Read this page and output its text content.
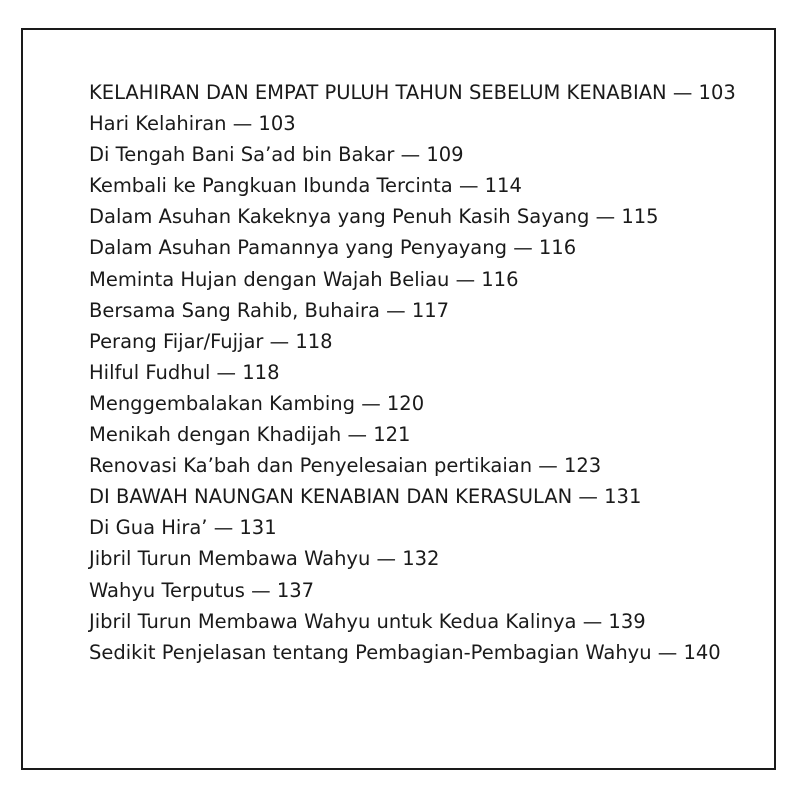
KELAHIRAN DAN EMPAT PULUH TAHUN SEBELUM KENABIAN — 103
Hari Kelahiran — 103
Di Tengah Bani Sa’ad bin Bakar — 109
Kembali ke Pangkuan Ibunda Tercinta — 114
Dalam Asuhan Kakeknya yang Penuh Kasih Sayang — 115
Dalam Asuhan Pamannya yang Penyayang — 116
Meminta Hujan dengan Wajah Beliau — 116
Bersama Sang Rahib, Buhaira — 117
Perang Fijar/Fujjar — 118
Hilful Fudhul — 118
Menggembalakan Kambing — 120
Menikah dengan Khadijah — 121
Renovasi Ka’bah dan Penyelesaian pertikaian — 123
DI BAWAH NAUNGAN KENABIAN DAN KERASULAN — 131
Di Gua Hira’ — 131
Jibril Turun Membawa Wahyu — 132
Wahyu Terputus — 137
Jibril Turun Membawa Wahyu untuk Kedua Kalinya — 139
Sedikit Penjelasan tentang Pembagian-Pembagian Wahyu — 140
